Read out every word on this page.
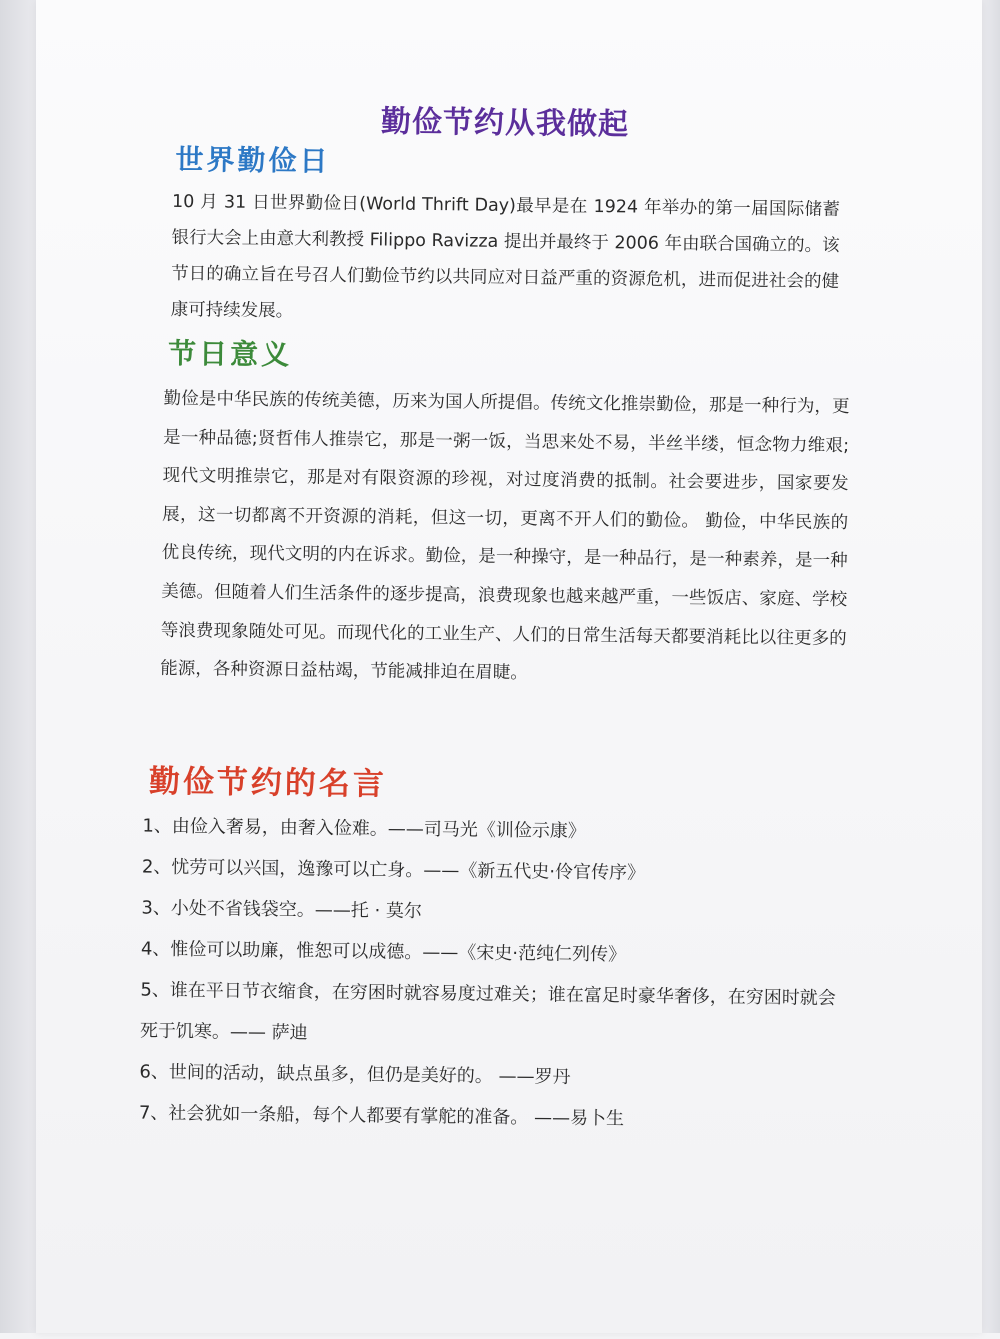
勤俭节约从我做起
世界勤俭日
10 月 31 日世界勤俭日(World Thrift Day)最早是在 1924 年举办的第一届国际储蓄银行大会上由意大利教授 Filippo Ravizza 提出并最终于 2006 年由联合国确立的。该节日的确立旨在号召人们勤俭节约以共同应对日益严重的资源危机，进而促进社会的健康可持续发展。
节日意义
勤俭是中华民族的传统美德，历来为国人所提倡。传统文化推崇勤俭，那是一种行为，更是一种品德;贤哲伟人推崇它，那是一粥一饭，当思来处不易，半丝半缕，恒念物力维艰;现代文明推崇它，那是对有限资源的珍视，对过度消费的抵制。社会要进步，国家要发展，这一切都离不开资源的消耗，但这一切，更离不开人们的勤俭。 勤俭，中华民族的优良传统，现代文明的内在诉求。勤俭，是一种操守，是一种品行，是一种素养，是一种美德。但随着人们生活条件的逐步提高，浪费现象也越来越严重，一些饭店、家庭、学校等浪费现象随处可见。而现代化的工业生产、人们的日常生活每天都要消耗比以往更多的能源，各种资源日益枯竭，节能减排迫在眉睫。
勤俭节约的名言
1、由俭入奢易，由奢入俭难。——司马光《训俭示康》
2、忧劳可以兴国，逸豫可以亡身。——《新五代史·伶官传序》
3、小处不省钱袋空。——托 · 莫尔
4、惟俭可以助廉，惟恕可以成德。——《宋史·范纯仁列传》
5、谁在平日节衣缩食，在穷困时就容易度过难关；谁在富足时豪华奢侈，在穷困时就会死于饥寒。—— 萨迪
6、世间的活动，缺点虽多，但仍是美好的。 ——罗丹
7、社会犹如一条船，每个人都要有掌舵的准备。 ——易卜生
